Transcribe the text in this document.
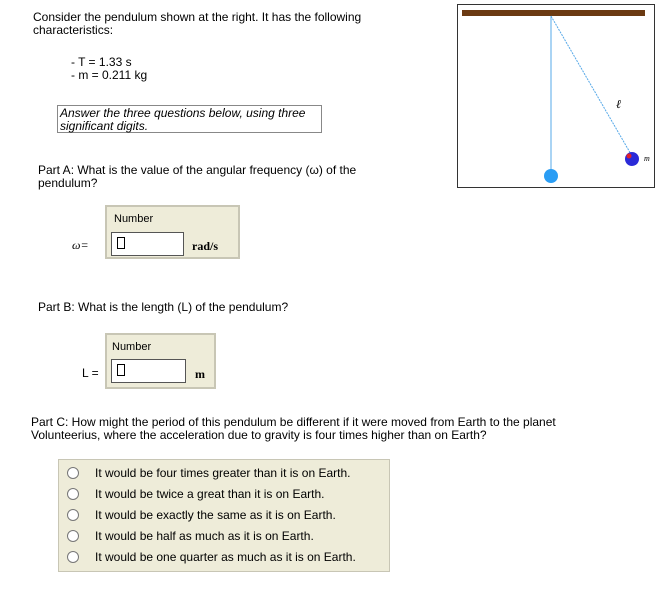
Consider the pendulum shown at the right. It has the following characteristics:
- T = 1.33 s
- m = 0.211 kg
Answer the three questions below, using three significant digits.
ℓ
m
Part A: What is the value of the angular frequency (ω) of the pendulum?
Number
rad/s
ω=
Part B: What is the length (L) of the pendulum?
Number
m
L =
Part C: How might the period of this pendulum be different if it were moved from Earth to the planet Volunteerius, where the acceleration due to gravity is four times higher than on Earth?
It would be four times greater than it is on Earth.
It would be twice a great than it is on Earth.
It would be exactly the same as it is on Earth.
It would be half as much as it is on Earth.
It would be one quarter as much as it is on Earth.
